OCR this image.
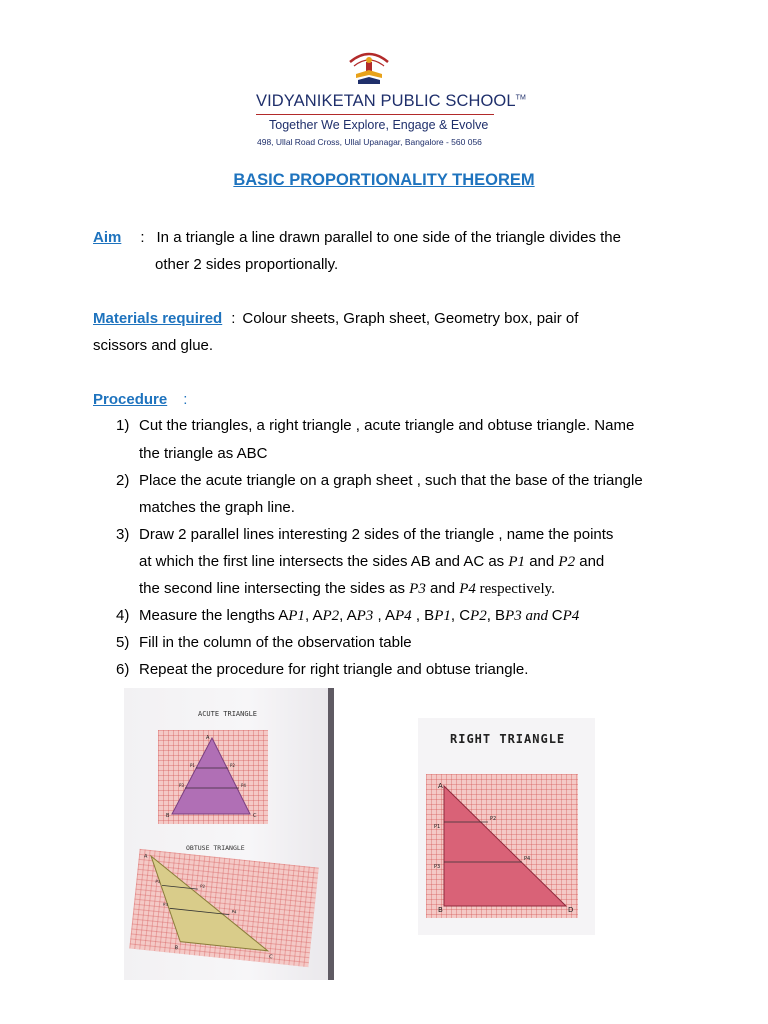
VIDYANIKETAN PUBLIC SCHOOL™
Together We Explore, Engage & Evolve
498, Ullal Road Cross, Ullal Upanagar, Bangalore - 560 056
BASIC PROPORTIONALITY THEOREM
Aim : In a triangle a line drawn parallel to one side of the triangle divides the
other 2 sides proportionally.
Materials required : Colour sheets, Graph sheet, Geometry box, pair of
scissors and glue.
Procedure :
1) Cut the triangles, a right triangle , acute triangle and obtuse triangle. Name
the triangle as ABC
2) Place the acute triangle on a graph sheet , such that the base of the triangle
matches the graph line.
3) Draw 2 parallel lines interesting 2 sides of the triangle , name the points
at which the first line intersects the sides AB and AC as P1 and P2 and
the second line intersecting the sides as P3 and P4 respectively.
4) Measure the lengths AP1, AP2, AP3 , AP4 , BP1, CP2, BP3 and CP4
5) Fill in the column of the observation table
6) Repeat the procedure for right triangle and obtuse triangle.
ACUTE TRIANGLE
A
B	C
P1	P2
P3	P4
OBTUSE TRIANGLE
A
B
C
P1
P2
P3
P4
RIGHT TRIANGLE
A
B	D
P1
P2
P3
P4
